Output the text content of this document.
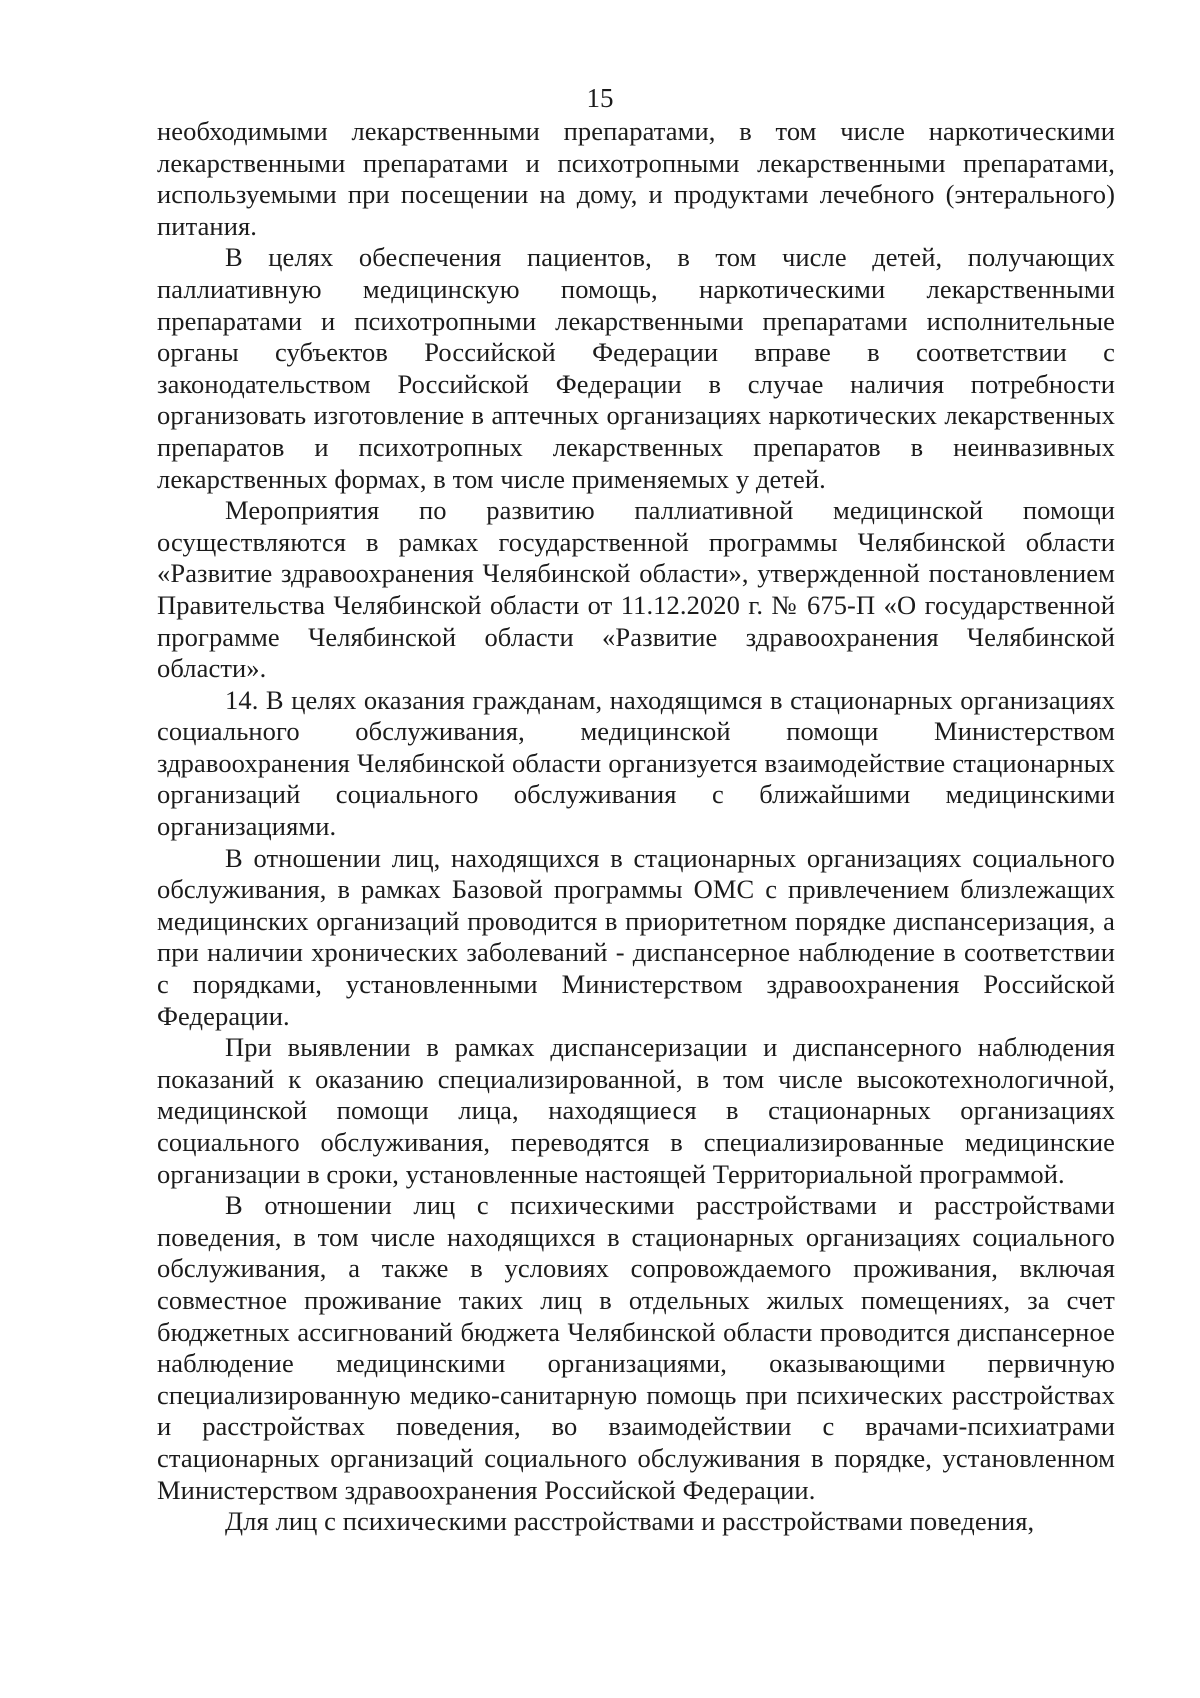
15

необходимыми лекарственными препаратами, в том числе наркотическими лекарственными препаратами и психотропными лекарственными препаратами, используемыми при посещении на дому, и продуктами лечебного (энтерального) питания.

В целях обеспечения пациентов, в том числе детей, получающих паллиативную медицинскую помощь, наркотическими лекарственными препаратами и психотропными лекарственными препаратами исполнительные органы субъектов Российской Федерации вправе в соответствии с законодательством Российской Федерации в случае наличия потребности организовать изготовление в аптечных организациях наркотических лекарственных препаратов и психотропных лекарственных препаратов в неинвазивных лекарственных формах, в том числе применяемых у детей.

Мероприятия по развитию паллиативной медицинской помощи осуществляются в рамках государственной программы Челябинской области «Развитие здравоохранения Челябинской области», утвержденной постановлением Правительства Челябинской области от 11.12.2020 г. № 675-П «О государственной программе Челябинской области «Развитие здравоохранения Челябинской области».

14. В целях оказания гражданам, находящимся в стационарных организациях социального обслуживания, медицинской помощи Министерством здравоохранения Челябинской области организуется взаимодействие стационарных организаций социального обслуживания с ближайшими медицинскими организациями.

В отношении лиц, находящихся в стационарных организациях социального обслуживания, в рамках Базовой программы ОМС с привлечением близлежащих медицинских организаций проводится в приоритетном порядке диспансеризация, а при наличии хронических заболеваний - диспансерное наблюдение в соответствии с порядками, установленными Министерством здравоохранения Российской Федерации.

При выявлении в рамках диспансеризации и диспансерного наблюдения показаний к оказанию специализированной, в том числе высокотехнологичной, медицинской помощи лица, находящиеся в стационарных организациях социального обслуживания, переводятся в специализированные медицинские организации в сроки, установленные настоящей Территориальной программой.

В отношении лиц с психическими расстройствами и расстройствами поведения, в том числе находящихся в стационарных организациях социального обслуживания, а также в условиях сопровождаемого проживания, включая совместное проживание таких лиц в отдельных жилых помещениях, за счет бюджетных ассигнований бюджета Челябинской области проводится диспансерное наблюдение медицинскими организациями, оказывающими первичную специализированную медико-санитарную помощь при психических расстройствах и расстройствах поведения, во взаимодействии с врачами-психиатрами стационарных организаций социального обслуживания в порядке, установленном Министерством здравоохранения Российской Федерации.

Для лиц с психическими расстройствами и расстройствами поведения,
